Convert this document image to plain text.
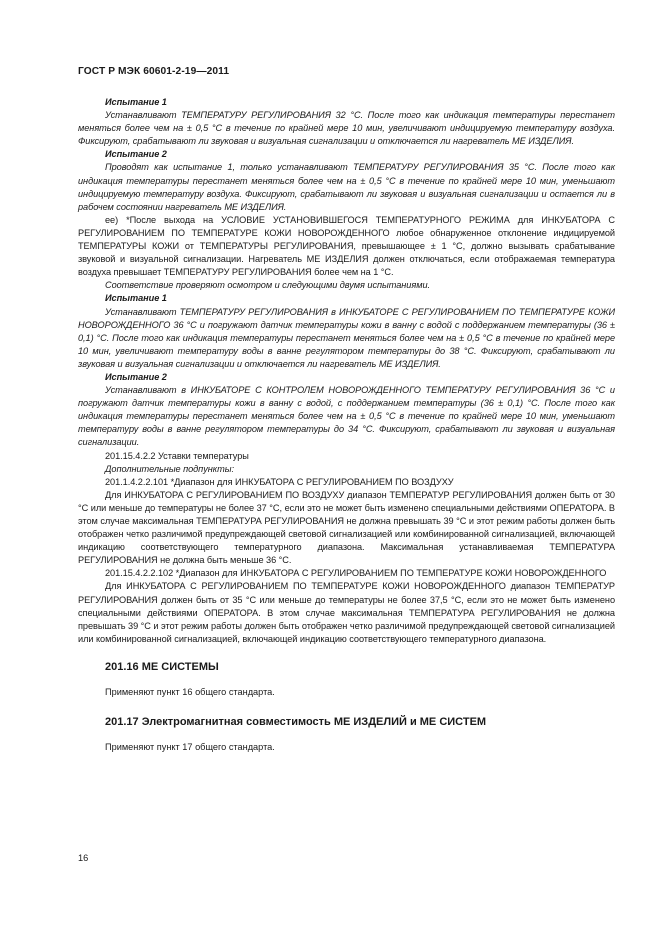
ГОСТ Р МЭК 60601-2-19—2011

Испытание 1

Устанавливают ТЕМПЕРАТУРУ РЕГУЛИРОВАНИЯ 32 °С. После того как индикация температуры перестанет меняться более чем на ± 0,5 °С в течение по крайней мере 10 мин, увеличивают индицируемую температуру воздуха. Фиксируют, срабатывают ли звуковая и визуальная сигнализации и отключается ли нагреватель МЕ ИЗДЕЛИЯ.

Испытание 2

Проводят как испытание 1, только устанавливают ТЕМПЕРАТУРУ РЕГУЛИРОВАНИЯ 35 °С. После того как индикация температуры перестанет меняться более чем на ± 0,5 °С в течение по крайней мере 10 мин, уменьшают индицируемую температуру воздуха. Фиксируют, срабатывают ли звуковая и визуальная сигнализации и остается ли в рабочем состоянии нагреватель МЕ ИЗДЕЛИЯ.

ее) *После выхода на УСЛОВИЕ УСТАНОВИВШЕГОСЯ ТЕМПЕРАТУРНОГО РЕЖИМА для ИНКУБАТОРА С РЕГУЛИРОВАНИЕМ ПО ТЕМПЕРАТУРЕ КОЖИ НОВОРОЖДЕННОГО любое обнаруженное отклонение индицируемой ТЕМПЕРАТУРЫ КОЖИ от ТЕМПЕРАТУРЫ РЕГУЛИРОВАНИЯ, превышающее ± 1 °С, должно вызывать срабатывание звуковой и визуальной сигнализации. Нагреватель МЕ ИЗДЕЛИЯ должен отключаться, если отображаемая температура воздуха превышает ТЕМПЕРАТУРУ РЕГУЛИРОВАНИЯ более чем на 1 °С.

Соответствие проверяют осмотром и следующими двумя испытаниями.

Испытание 1

Устанавливают ТЕМПЕРАТУРУ РЕГУЛИРОВАНИЯ в ИНКУБАТОРЕ С РЕГУЛИРОВАНИЕМ ПО ТЕМПЕРАТУРЕ КОЖИ НОВОРОЖДЕННОГО 36 °С и погружают датчик температуры кожи в ванну с водой с поддержанием температуры (36 ± 0,1) °С. После того как индикация температуры перестанет меняться более чем на ± 0,5 °С в течение по крайней мере 10 мин, увеличивают температуру воды в ванне регулятором температуры до 38 °С. Фиксируют, срабатывают ли звуковая и визуальная сигнализации и отключается ли нагреватель МЕ ИЗДЕЛИЯ.

Испытание 2

Устанавливают в ИНКУБАТОРЕ С КОНТРОЛЕМ НОВОРОЖДЕННОГО ТЕМПЕРАТУРУ РЕГУЛИРОВАНИЯ 36 °С и погружают датчик температуры кожи в ванну с водой, с поддержанием температуры (36 ± 0,1) °С. После того как индикация температуры перестанет меняться более чем на ± 0,5 °С в течение по крайней мере 10 мин, уменьшают температуру воды в ванне регулятором температуры до 34 °С. Фиксируют, срабатывают ли звуковая и визуальная сигнализации.

201.15.4.2.2 Уставки температуры

Дополнительные подпункты:

201.1.4.2.2.101 *Диапазон для ИНКУБАТОРА С РЕГУЛИРОВАНИЕМ ПО ВОЗДУХУ

Для ИНКУБАТОРА С РЕГУЛИРОВАНИЕМ ПО ВОЗДУХУ диапазон ТЕМПЕРАТУР РЕГУЛИРОВАНИЯ должен быть от 30 °С или меньше до температуры не более 37 °С, если это не может быть изменено специальными действиями ОПЕРАТОРА. В этом случае максимальная ТЕМПЕРАТУРА РЕГУЛИРОВАНИЯ не должна превышать 39 °С и этот режим работы должен быть отображен четко различимой предупреждающей световой сигнализацией или комбинированной сигнализацией, включающей индикацию соответствующего температурного диапазона. Максимальная устанавливаемая ТЕМПЕРАТУРА РЕГУЛИРОВАНИЯ не должна быть меньше 36 °С.

201.15.4.2.2.102 *Диапазон для ИНКУБАТОРА С РЕГУЛИРОВАНИЕМ ПО ТЕМПЕРАТУРЕ КОЖИ НОВОРОЖДЕННОГО

Для ИНКУБАТОРА С РЕГУЛИРОВАНИЕМ ПО ТЕМПЕРАТУРЕ КОЖИ НОВОРОЖДЕННОГО диапазон ТЕМПЕРАТУР РЕГУЛИРОВАНИЯ должен быть от 35 °С или меньше до температуры не более 37,5 °С, если это не может быть изменено специальными действиями ОПЕРАТОРА. В этом случае максимальная ТЕМПЕРАТУРА РЕГУЛИРОВАНИЯ не должна превышать 39 °С и этот режим работы должен быть отображен четко различимой предупреждающей световой сигнализацией или комбинированной сигнализацией, включающей индикацию соответствующего температурного диапазона.

201.16 МЕ СИСТЕМЫ
Применяют пункт 16 общего стандарта.
201.17 Электромагнитная совместимость МЕ ИЗДЕЛИЙ и МЕ СИСТЕМ
Применяют пункт 17 общего стандарта.
16
